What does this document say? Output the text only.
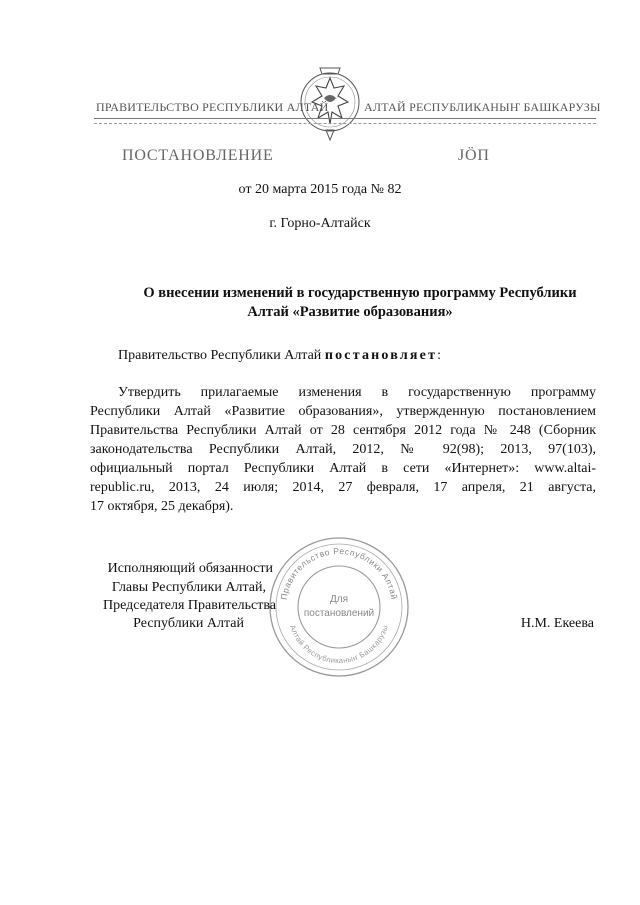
ПРАВИТЕЛЬСТВО РЕСПУБЛИКИ АЛТАЙ	АЛТАЙ РЕСПУБЛИКАНЫҤ БАШКАРУЗЫ
ПОСТАНОВЛЕНИЕ	JӦП
от 20 марта 2015 года № 82
г. Горно-Алтайск
О внесении изменений в государственную программу Республики
Алтай «Развитие образования»
Правительство Республики Алтай постановляет:
Утвердить прилагаемые изменения в государственную программу
Республики Алтай «Развитие образования», утвержденную постановлением
Правительства Республики Алтай от 28 сентября 2012 года № 248 (Сборник
законодательства Республики Алтай, 2012, № 92(98); 2013, 97(103),
официальный портал Республики Алтай в сети «Интернет»: www.altai-
republic.ru, 2013, 24 июля; 2014, 27 февраля, 17 апреля, 21 августа,
17 октября, 25 декабря).
Правительство Республики Алтай
Алтай Республиканыҥ Башкарузы
Для
постановлений
Исполняющий обязанности
Главы Республики Алтай,
Председателя Правительства
Республики Алтай	Н.М. Екеева
